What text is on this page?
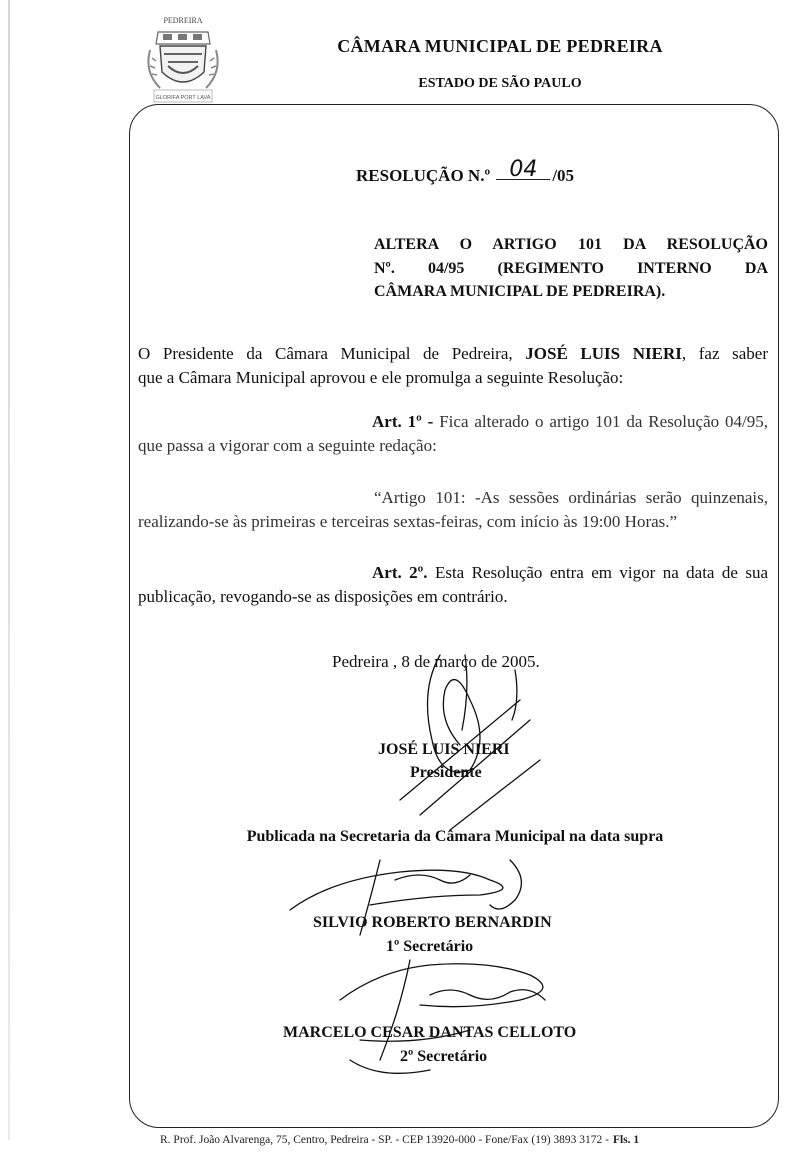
PEDREIRA
GLORIFA PORT LAVA
CÂMARA MUNICIPAL DE PEDREIRA
ESTADO DE SÃO PAULO
RESOLUÇÃO N.º 04 /05
ALTERA O ARTIGO 101 DA RESOLUÇÃO
Nº. 04/95 (REGIMENTO INTERNO DA
CÂMARA MUNICIPAL DE PEDREIRA).
O Presidente da Câmara Municipal de Pedreira, JOSÉ LUIS NIERI, faz saber
que a Câmara Municipal aprovou e ele promulga a seguinte Resolução:
Art. 1º - Fica alterado o artigo 101 da Resolução 04/95, que passa a vigorar com a seguinte redação:
“Artigo 101: -As sessões ordinárias serão quinzenais, realizando-se às primeiras e terceiras sextas-feiras, com início às 19:00 Horas.”
Art. 2º. Esta Resolução entra em vigor na data de sua publicação, revogando-se as disposições em contrário.
Pedreira , 8 de março de 2005.
JOSÉ LUIS NIERI
Presidente
Publicada na Secretaria da Câmara Municipal na data supra
SILVIO ROBERTO BERNARDIN
1º Secretário
MARCELO CESAR DANTAS CELLOTO
2º Secretário
R. Prof. João Alvarenga, 75, Centro, Pedreira - SP. - CEP 13920-000 - Fone/Fax (19) 3893 3172 - Fls. 1
